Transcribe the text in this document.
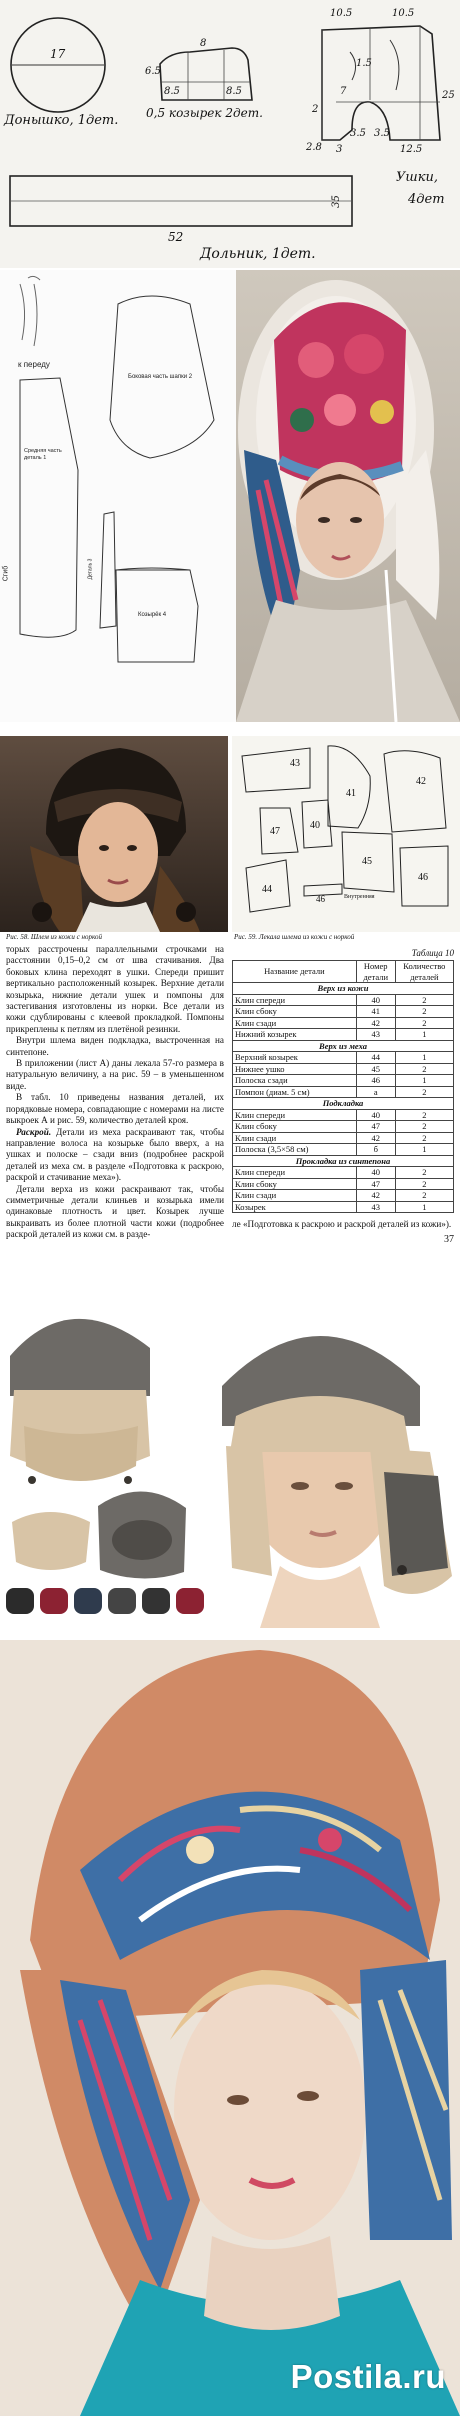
17
Донышко, 1дет.
8
8.5	8.5
6.5
0,5 козырек 2дет.
10.5	10.5
7
1.5
2
2.8 3
3.5 3.5
12.5
25
Ушки,
4дет
35
52
Дольник, 1дет.
к переду
Средняя часть деталь 1
Боковая часть шапки 2
Сгиб	Деталь 3
Козырёк 4
43
42
41
40
47
45
46
44
46
Внутренняя
Рис. 58. Шлем из кожи с норкой	Рис. 59. Лекала шлема из кожи с норкой

торых расстрочены параллельными строчками на расстоянии 0,15–0,2 см от шва стачивания. Два боковых клина переходят в ушки. Спереди пришит вертикально расположенный козырек. Верхние детали козырька, нижние детали ушек и помпоны для застегивания изготовлены из норки. Все детали из кожи сдублированы с клеевой прокладкой. Помпоны прикреплены к петлям из плетёной резинки.

Внутри шлема виден подкладка, выстроченная на синтепоне.

В приложении (лист А) даны лекала 57-го размера в натуральную величину, а на рис. 59 – в уменьшенном виде.

В табл. 10 приведены названия деталей, их порядковые номера, совпадающие с номерами на листе выкроек А и рис. 59, количество деталей кроя.

Раскрой. Детали из меха раскраивают так, чтобы направление волоса на козырьке было вверх, а на ушках и полоске – сзади вниз (подробнее раскрой деталей из меха см. в разделе «Подготовка к раскрою, раскрой и стачивание меха»).

Детали верха из кожи раскраивают так, чтобы симметричные детали клиньев и козырька имели одинаковые плотность и цвет. Козырек лучше выкраивать из более плотной части кожи (подробнее раскрой деталей из кожи см. в разде-

Таблица 10
Название детали	Номер детали	Количество деталей
Верх из кожи		
Клин спереди	40	2
Клин сбоку	41	2
Клин сзади	42	2
Нижний козырек	43	1
Верх из меха		
Верхний козырек	44	1
Нижнее ушко	45	2
Полоска сзади	46	1
Помпон (диам. 5 см)	а	2
Подкладка		
Клин спереди	40	2
Клин сбоку	47	2
Клин сзади	42	2
Полоска (3,5×58 см)	б	1
Прокладка из синтепона		
Клин спереди	40	2
Клин сбоку	47	2
Клин сзади	42	2
Козырек	43	1
ле «Подготовка к раскрою и раскрой деталей из кожи»).
37
Postila.ru
